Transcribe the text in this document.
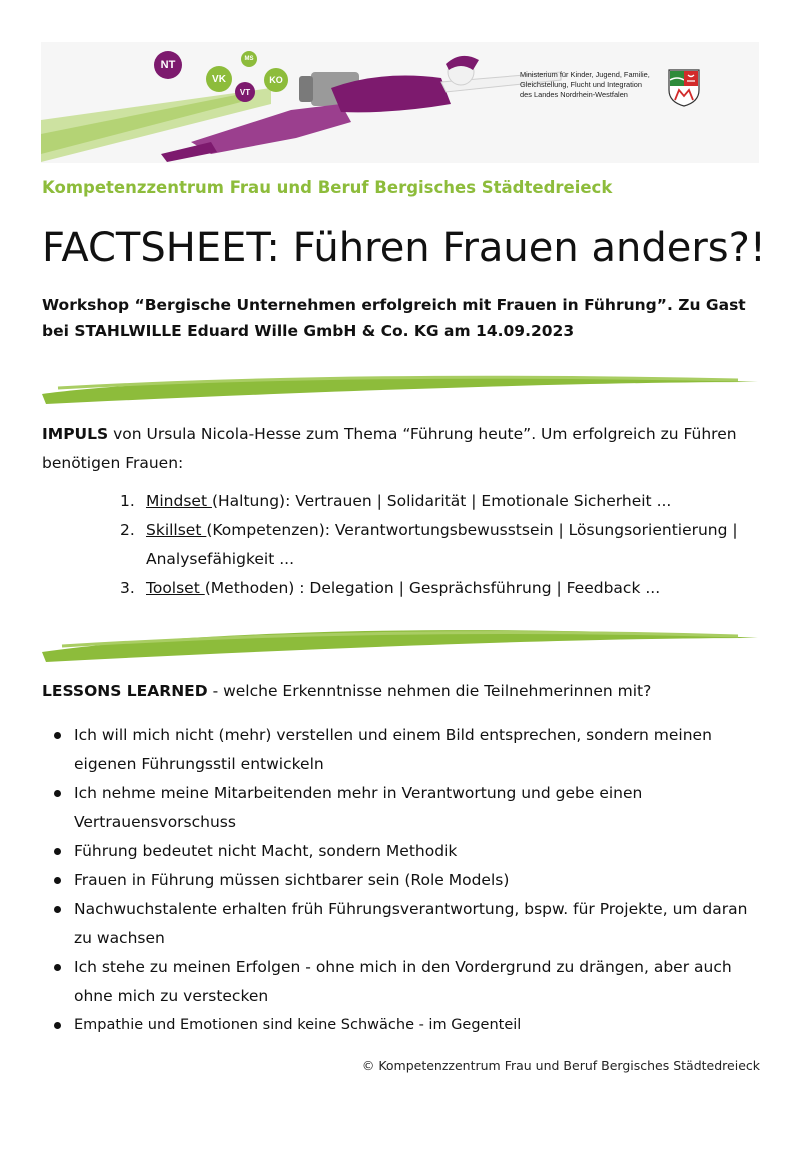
NT
VK
VT
MS
KO
Ministerium für Kinder, Jugend, Familie,
Gleichstellung, Flucht und Integration
des Landes Nordrhein-Westfalen
Kompetenzzentrum Frau und Beruf Bergisches Städtedreieck
FACTSHEET: Führen Frauen anders?!

Workshop “Bergische Unternehmen erfolgreich mit Frauen in Führung”. Zu Gast bei STAHLWILLE Eduard Wille GmbH & Co. KG am 14.09.2023

IMPULS von Ursula Nicola-Hesse zum Thema “Führung heute”. Um erfolgreich zu Führen benötigen Frauen:

1. Mindset (Haltung): Vertrauen | Solidarität | Emotionale Sicherheit ...
2. Skillset (Kompetenzen): Verantwortungsbewusstsein | Lösungsorientierung | Analysefähigkeit ...
3. Toolset (Methoden) : Delegation | Gesprächsführung | Feedback ...

LESSONS LEARNED - welche Erkenntnisse nehmen die Teilnehmerinnen mit?

Ich will mich nicht (mehr) verstellen und einem Bild entsprechen, sondern meinen eigenen Führungsstil entwickeln
Ich nehme meine Mitarbeitenden mehr in Verantwortung und gebe einen Vertrauensvorschuss
Führung bedeutet nicht Macht, sondern Methodik
Frauen in Führung müssen sichtbarer sein (Role Models)
Nachwuchstalente erhalten früh Führungsverantwortung, bspw. für Projekte, um daran zu wachsen
Ich stehe zu meinen Erfolgen - ohne mich in den Vordergrund zu drängen, aber auch ohne mich zu verstecken
Empathie und Emotionen sind keine Schwäche - im Gegenteil
© Kompetenzzentrum Frau und Beruf Bergisches Städtedreieck
